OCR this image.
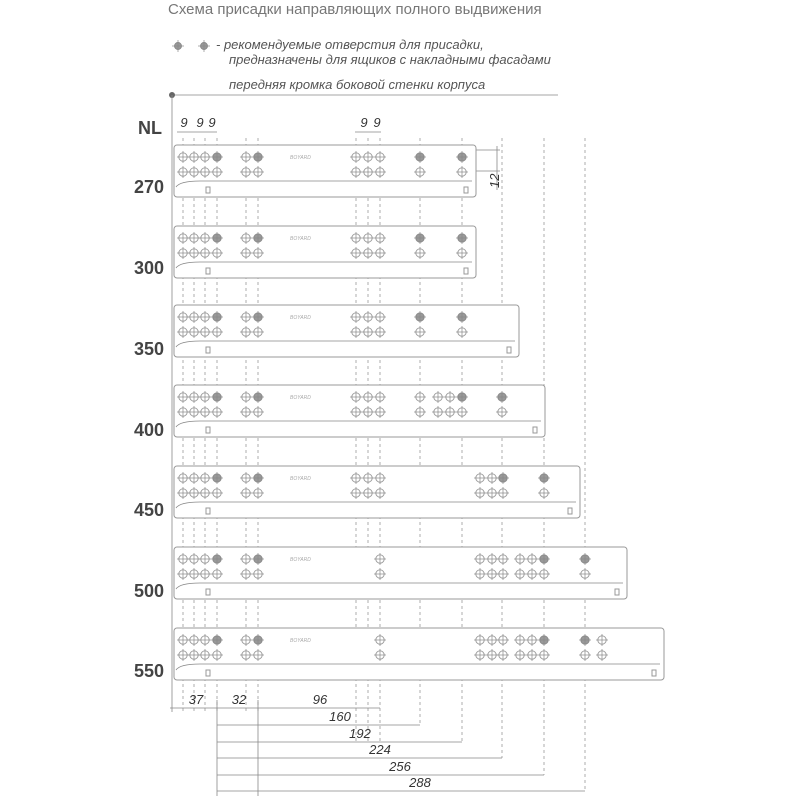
Схема присадки направляющих полного выдвижения
- рекомендуемые отверстия для присадки,
предназначены для ящиков с накладными фасадами
передняя кромка боковой стенки корпуса
NL 9 9 9	9 9
12
BOYARD
270
BOYARD
300
BOYARD
350
BOYARD
400
BOYARD
450
BOYARD
500
BOYARD
550
37 32	96
160
192
224
256
288
